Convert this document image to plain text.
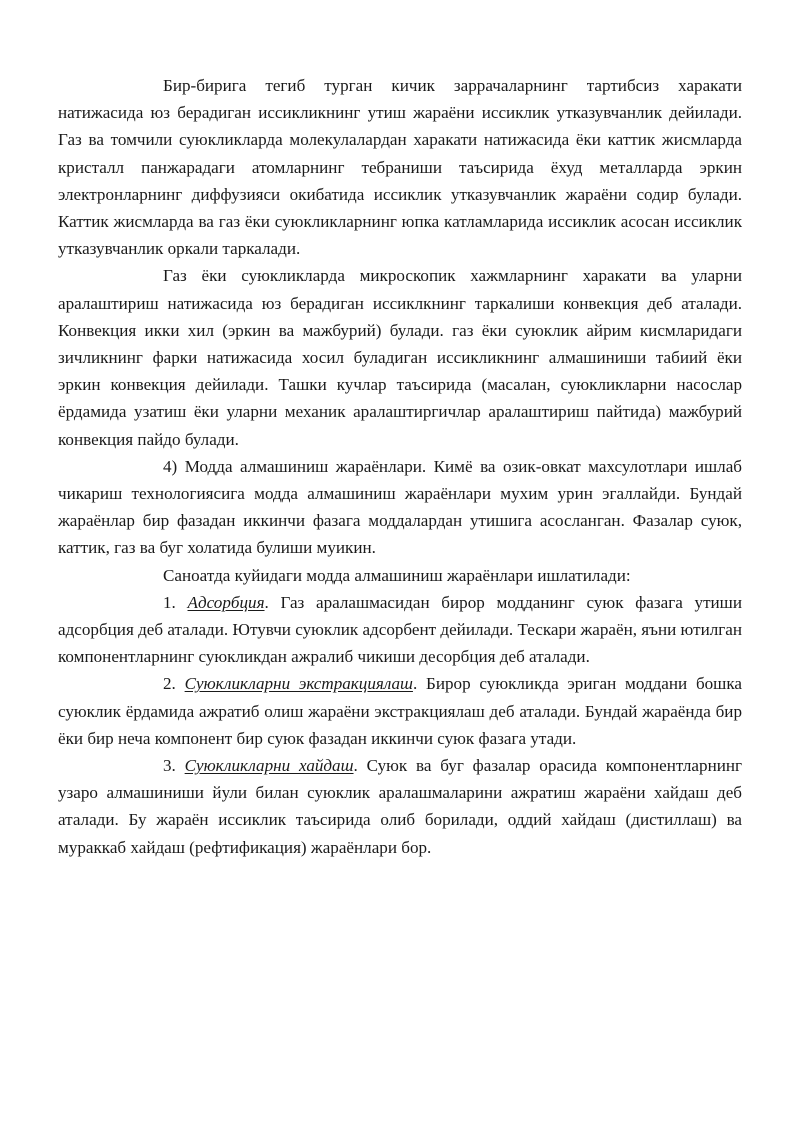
Бир-бирига тегиб турган кичик заррачаларнинг тартибсиз харакати натижасида юз берадиган иссикликнинг утиш жараёни иссиклик утказувчанлик дейилади. Газ ва томчили суюкликларда молекулалардан харакати натижасида ёки каттик жисмларда кристалл панжарадаги атомларнинг тебраниши таъсирида ёхуд металларда эркин электронларнинг диффузияси окибатида иссиклик утказувчанлик жараёни содир булади. Каттик жисмларда ва газ ёки суюкликларнинг юпка катламларида иссиклик асосан иссиклик утказувчанлик оркали таркалади.

Газ ёки суюкликларда микроскопик хажмларнинг харакати ва уларни аралаштириш натижасида юз берадиган иссиклкнинг таркалиши конвекция деб аталади. Конвекция икки хил (эркин ва мажбурий) булади. газ ёки суюклик айрим кисмларидаги зичликнинг фарки натижасида хосил буладиган иссикликнинг алмашиниши табиий ёки эркин конвекция дейилади. Ташки кучлар таъсирида (масалан, суюкликларни насослар ёрдамида узатиш ёки уларни механик аралаштиргичлар аралаштириш пайтида) мажбурий конвекция пайдо булади.

4) Модда алмашиниш жараёнлари. Кимё ва озик-овкат махсулотлари ишлаб чикариш технологиясига модда алмашиниш жараёнлари мухим урин эгаллайди. Бундай жараёнлар бир фазадан иккинчи фазага моддалардан утишига асосланган. Фазалар суюк, каттик, газ ва буг холатида булиши муикин.

Саноатда куйидаги модда алмашиниш жараёнлари ишлатилади:

1. Адсорбция. Газ аралашмасидан бирор модданинг суюк фазага утиши адсорбция деб аталади. Ютувчи суюклик адсорбент дейилади. Тескари жараён, яъни ютилган компонентларнинг суюкликдан ажралиб чикиши десорбция деб аталади.

2. Суюкликларни экстракциялаш. Бирор суюкликда эриган моддани бошка суюклик ёрдамида ажратиб олиш жараёни экстракциялаш деб аталади. Бундай жараёнда бир ёки бир неча компонент бир суюк фазадан иккинчи суюк фазага утади.

3. Суюкликларни хайдаш. Суюк ва буг фазалар орасида компонентларнинг узаро алмашиниши йули билан суюклик аралашмаларини ажратиш жараёни хайдаш деб аталади. Бу жараён иссиклик таъсирида олиб борилади, оддий хайдаш (дистиллаш) ва мураккаб хайдаш (рефтификация) жараёнлари бор.
